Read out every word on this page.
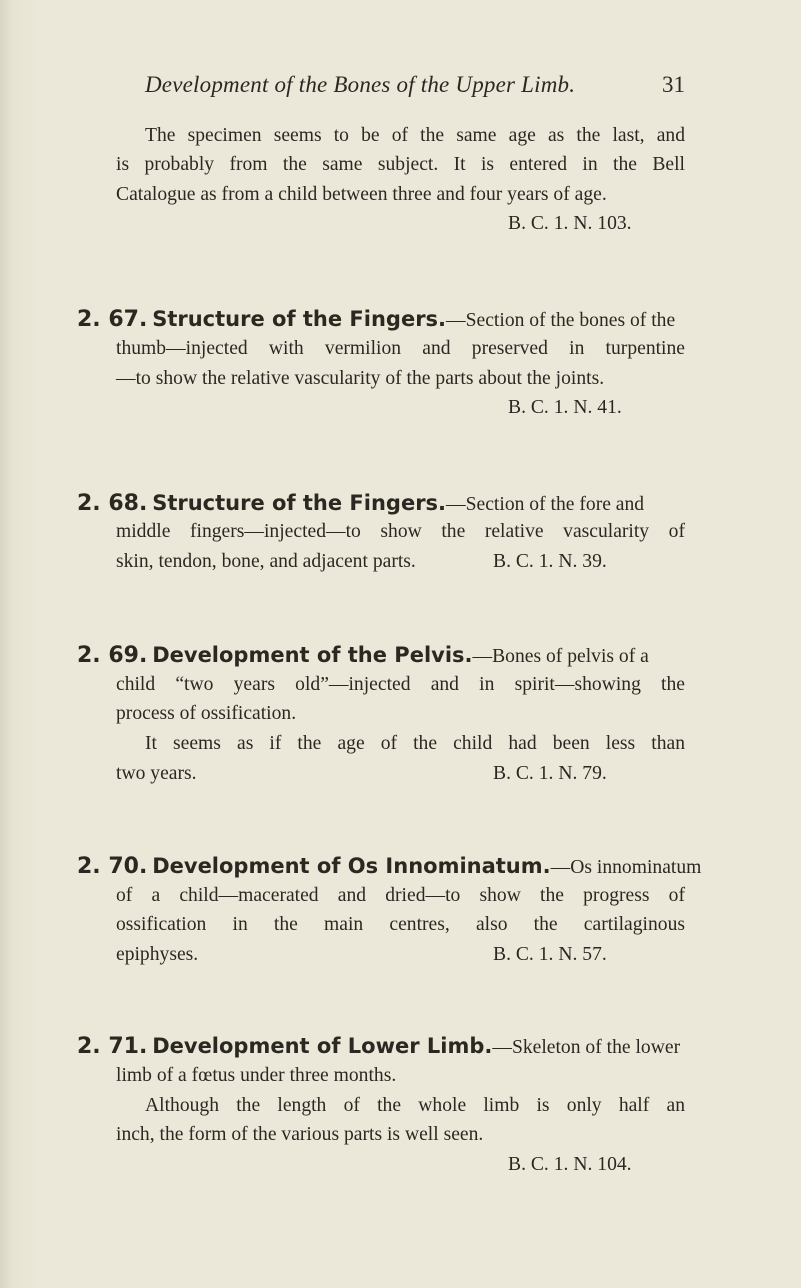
Development of the Bones of the Upper Limb.	31
The specimen seems to be of the same age as the last, and
is probably from the same subject. It is entered in the Bell
Catalogue as from a child between three and four years of age.
B. C. 1. N. 103.
2. 67. Structure of the Fingers.—Section of the bones of the
thumb—injected with vermilion and preserved in turpentine
—to show the relative vascularity of the parts about the joints.
B. C. 1. N. 41.
2. 68. Structure of the Fingers.—Section of the fore and
middle fingers—injected—to show the relative vascularity of
skin, tendon, bone, and adjacent parts.	B. C. 1. N. 39.
2. 69. Development of the Pelvis.—Bones of pelvis of a
child “two years old”—injected and in spirit—showing the
process of ossification.
It seems as if the age of the child had been less than
two years.	B. C. 1. N. 79.
2. 70. Development of Os Innominatum.—Os innominatum
of a child—macerated and dried—to show the progress of
ossification in the main centres, also the cartilaginous
epiphyses.	B. C. 1. N. 57.
2. 71. Development of Lower Limb.—Skeleton of the lower
limb of a fœtus under three months.
Although the length of the whole limb is only half an
inch, the form of the various parts is well seen.
B. C. 1. N. 104.
